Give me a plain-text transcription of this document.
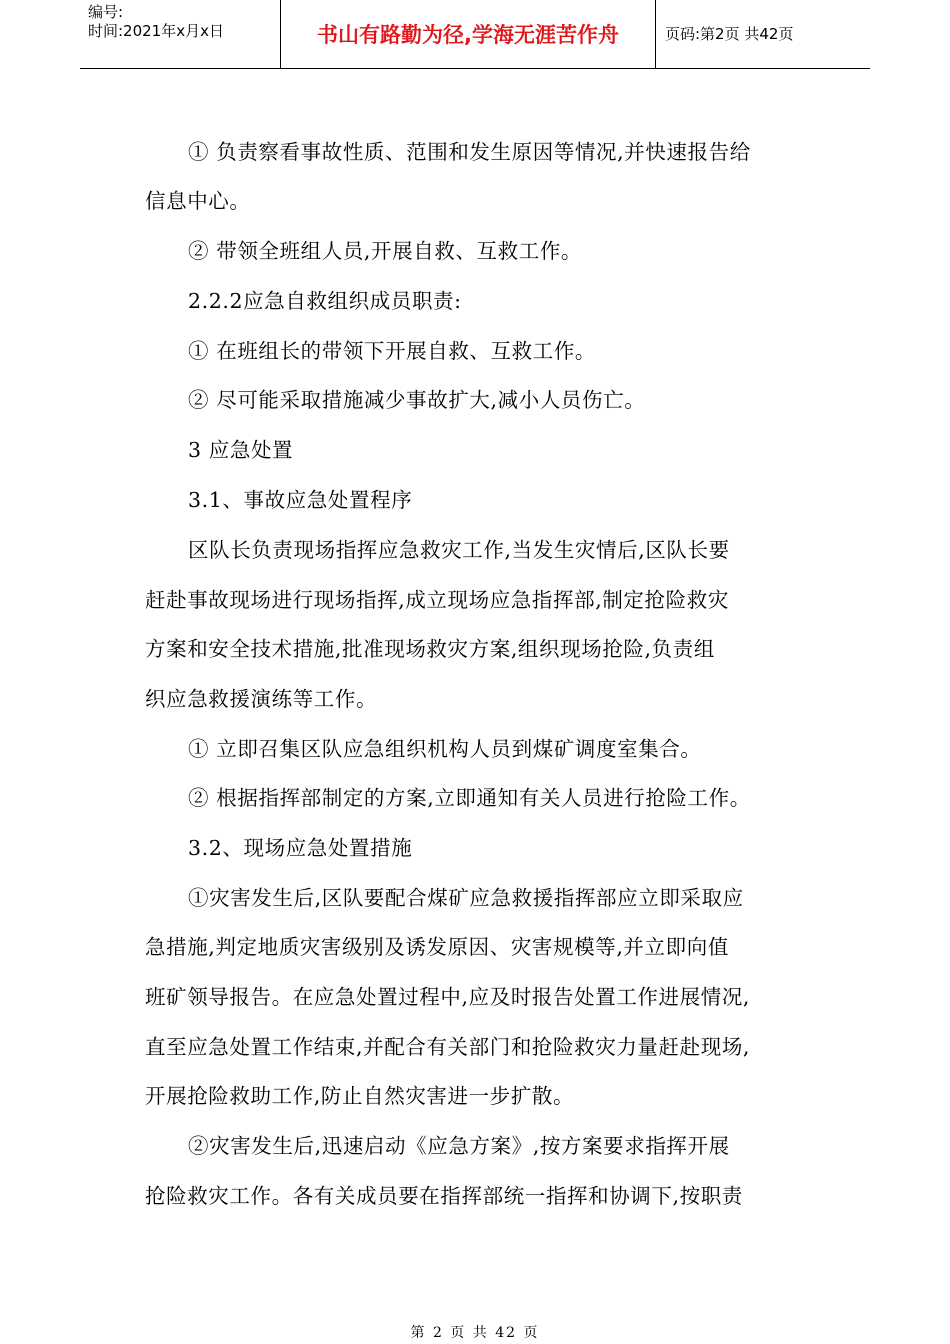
编号:
时间:2021年x月x日	书山有路勤为径,学海无涯苦作舟	页码:第2页 共42页
① 负责察看事故性质、范围和发生原因等情况,并快速报告给
信息中心。
② 带领全班组人员,开展自救、互救工作。
2.2.2应急自救组织成员职责:
① 在班组长的带领下开展自救、互救工作。
② 尽可能采取措施减少事故扩大,减小人员伤亡。
3 应急处置
3.1、事故应急处置程序
区队长负责现场指挥应急救灾工作,当发生灾情后,区队长要
赶赴事故现场进行现场指挥,成立现场应急指挥部,制定抢险救灾
方案和安全技术措施,批准现场救灾方案,组织现场抢险,负责组
织应急救援演练等工作。
① 立即召集区队应急组织机构人员到煤矿调度室集合。
② 根据指挥部制定的方案,立即通知有关人员进行抢险工作。
3.2、现场应急处置措施
①灾害发生后,区队要配合煤矿应急救援指挥部应立即采取应
急措施,判定地质灾害级别及诱发原因、灾害规模等,并立即向值
班矿领导报告。在应急处置过程中,应及时报告处置工作进展情况,
直至应急处置工作结束,并配合有关部门和抢险救灾力量赶赴现场,
开展抢险救助工作,防止自然灾害进一步扩散。
②灾害发生后,迅速启动《应急方案》,按方案要求指挥开展
抢险救灾工作。各有关成员要在指挥部统一指挥和协调下,按职责
第 2 页 共 42 页
